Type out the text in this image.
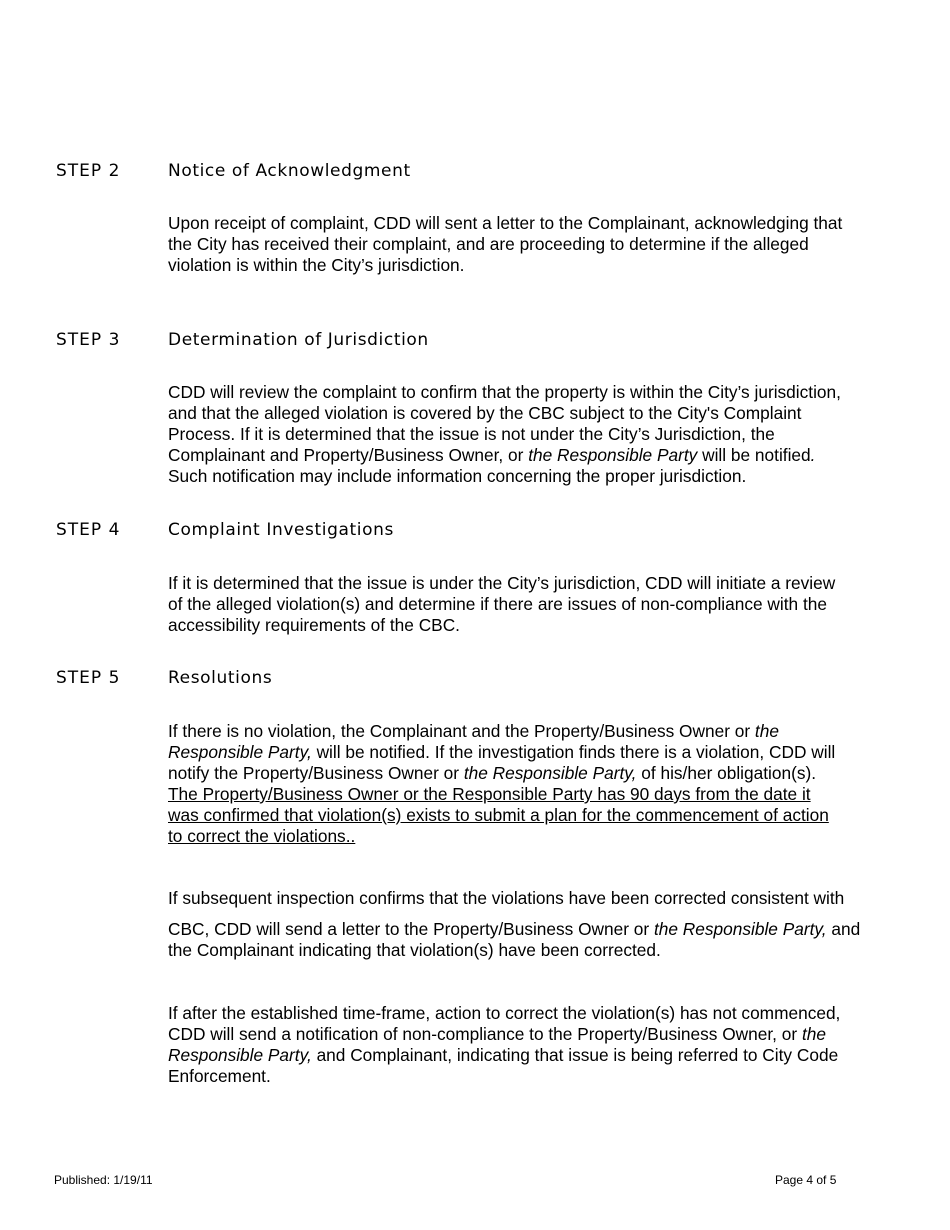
STEP 2	Notice of Acknowledgment
Upon receipt of complaint, CDD will sent a letter to the Complainant, acknowledging that
the City has received their complaint, and are proceeding to determine if the alleged
violation is within the City’s jurisdiction.
STEP 3	Determination of Jurisdiction
CDD will review the complaint to confirm that the property is within the City’s jurisdiction,
and that the alleged violation is covered by the CBC subject to the City's Complaint
Process. If it is determined that the issue is not under the City’s Jurisdiction, the
Complainant and Property/Business Owner, or the Responsible Party will be notified.
Such notification may include information concerning the proper jurisdiction.
STEP 4	Complaint Investigations
If it is determined that the issue is under the City’s jurisdiction, CDD will initiate a review
of the alleged violation(s) and determine if there are issues of non-compliance with the
accessibility requirements of the CBC.
STEP 5	Resolutions
If there is no violation, the Complainant and the Property/Business Owner or the
Responsible Party, will be notified. If the investigation finds there is a violation, CDD will
notify the Property/Business Owner or the Responsible Party, of his/her obligation(s).
The Property/Business Owner or the Responsible Party has 90 days from the date it
was confirmed that violation(s) exists to submit a plan for the commencement of action
to correct the violations..
If subsequent inspection confirms that the violations have been corrected consistent with
CBC, CDD will send a letter to the Property/Business Owner or the Responsible Party, and
the Complainant indicating that violation(s) have been corrected.
If after the established time-frame, action to correct the violation(s) has not commenced,
CDD will send a notification of non-compliance to the Property/Business Owner, or the
Responsible Party, and Complainant, indicating that issue is being referred to City Code
Enforcement.
Published: 1/19/11	Page 4 of 5
